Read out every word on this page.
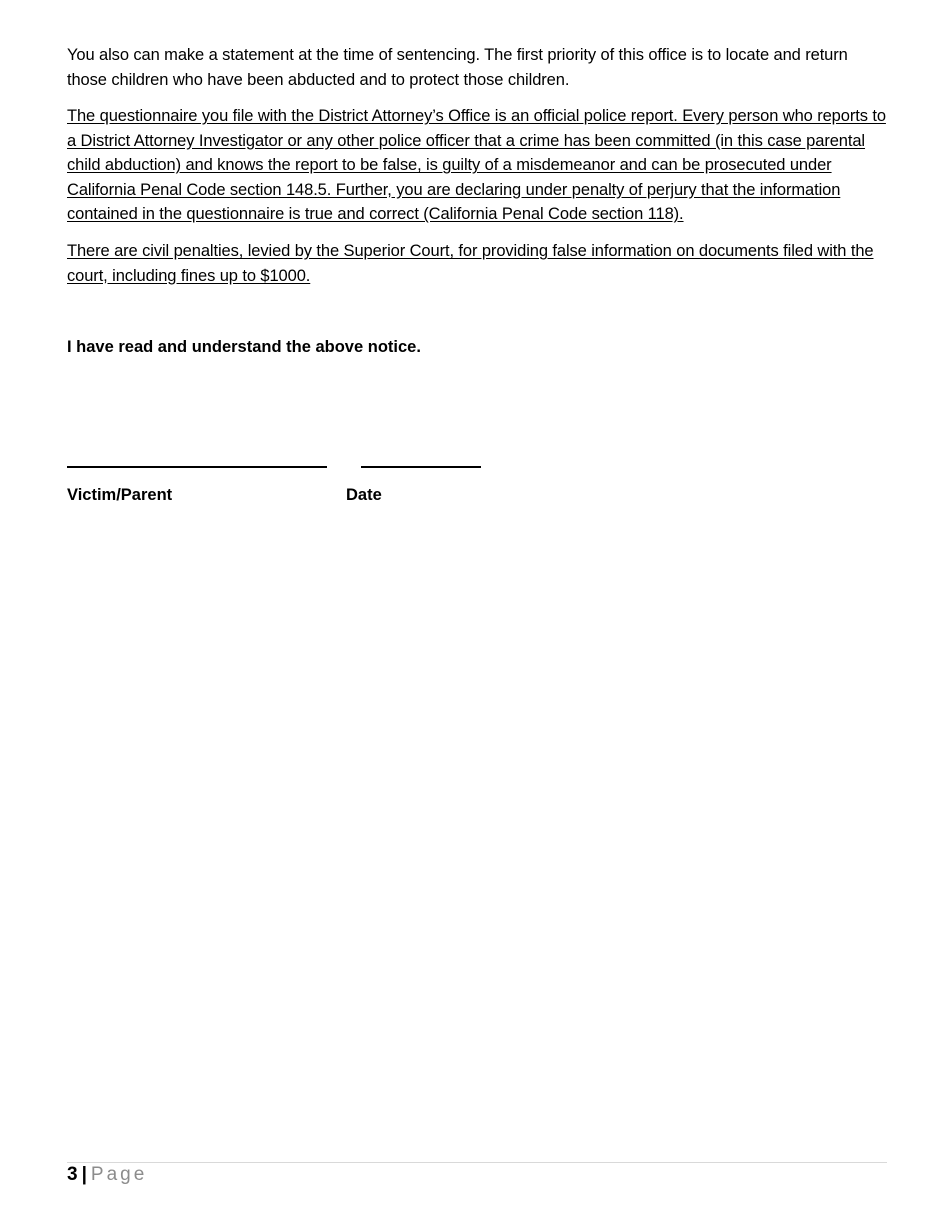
You also can make a statement at the time of sentencing. The first priority of this office is to locate and return those children who have been abducted and to protect those children.

The questionnaire you file with the District Attorney’s Office is an official police report. Every person who reports to a District Attorney Investigator or any other police officer that a crime has been committed (in this case parental child abduction) and knows the report to be false, is guilty of a misdemeanor and can be prosecuted under California Penal Code section 148.5. Further, you are declaring under penalty of perjury that the information contained in the questionnaire is true and correct (California Penal Code section 118).

There are civil penalties, levied by the Superior Court, for providing false information on documents filed with the court, including fines up to $1000.

I have read and understand the above notice.

Victim/Parent	Date
3 | Page
